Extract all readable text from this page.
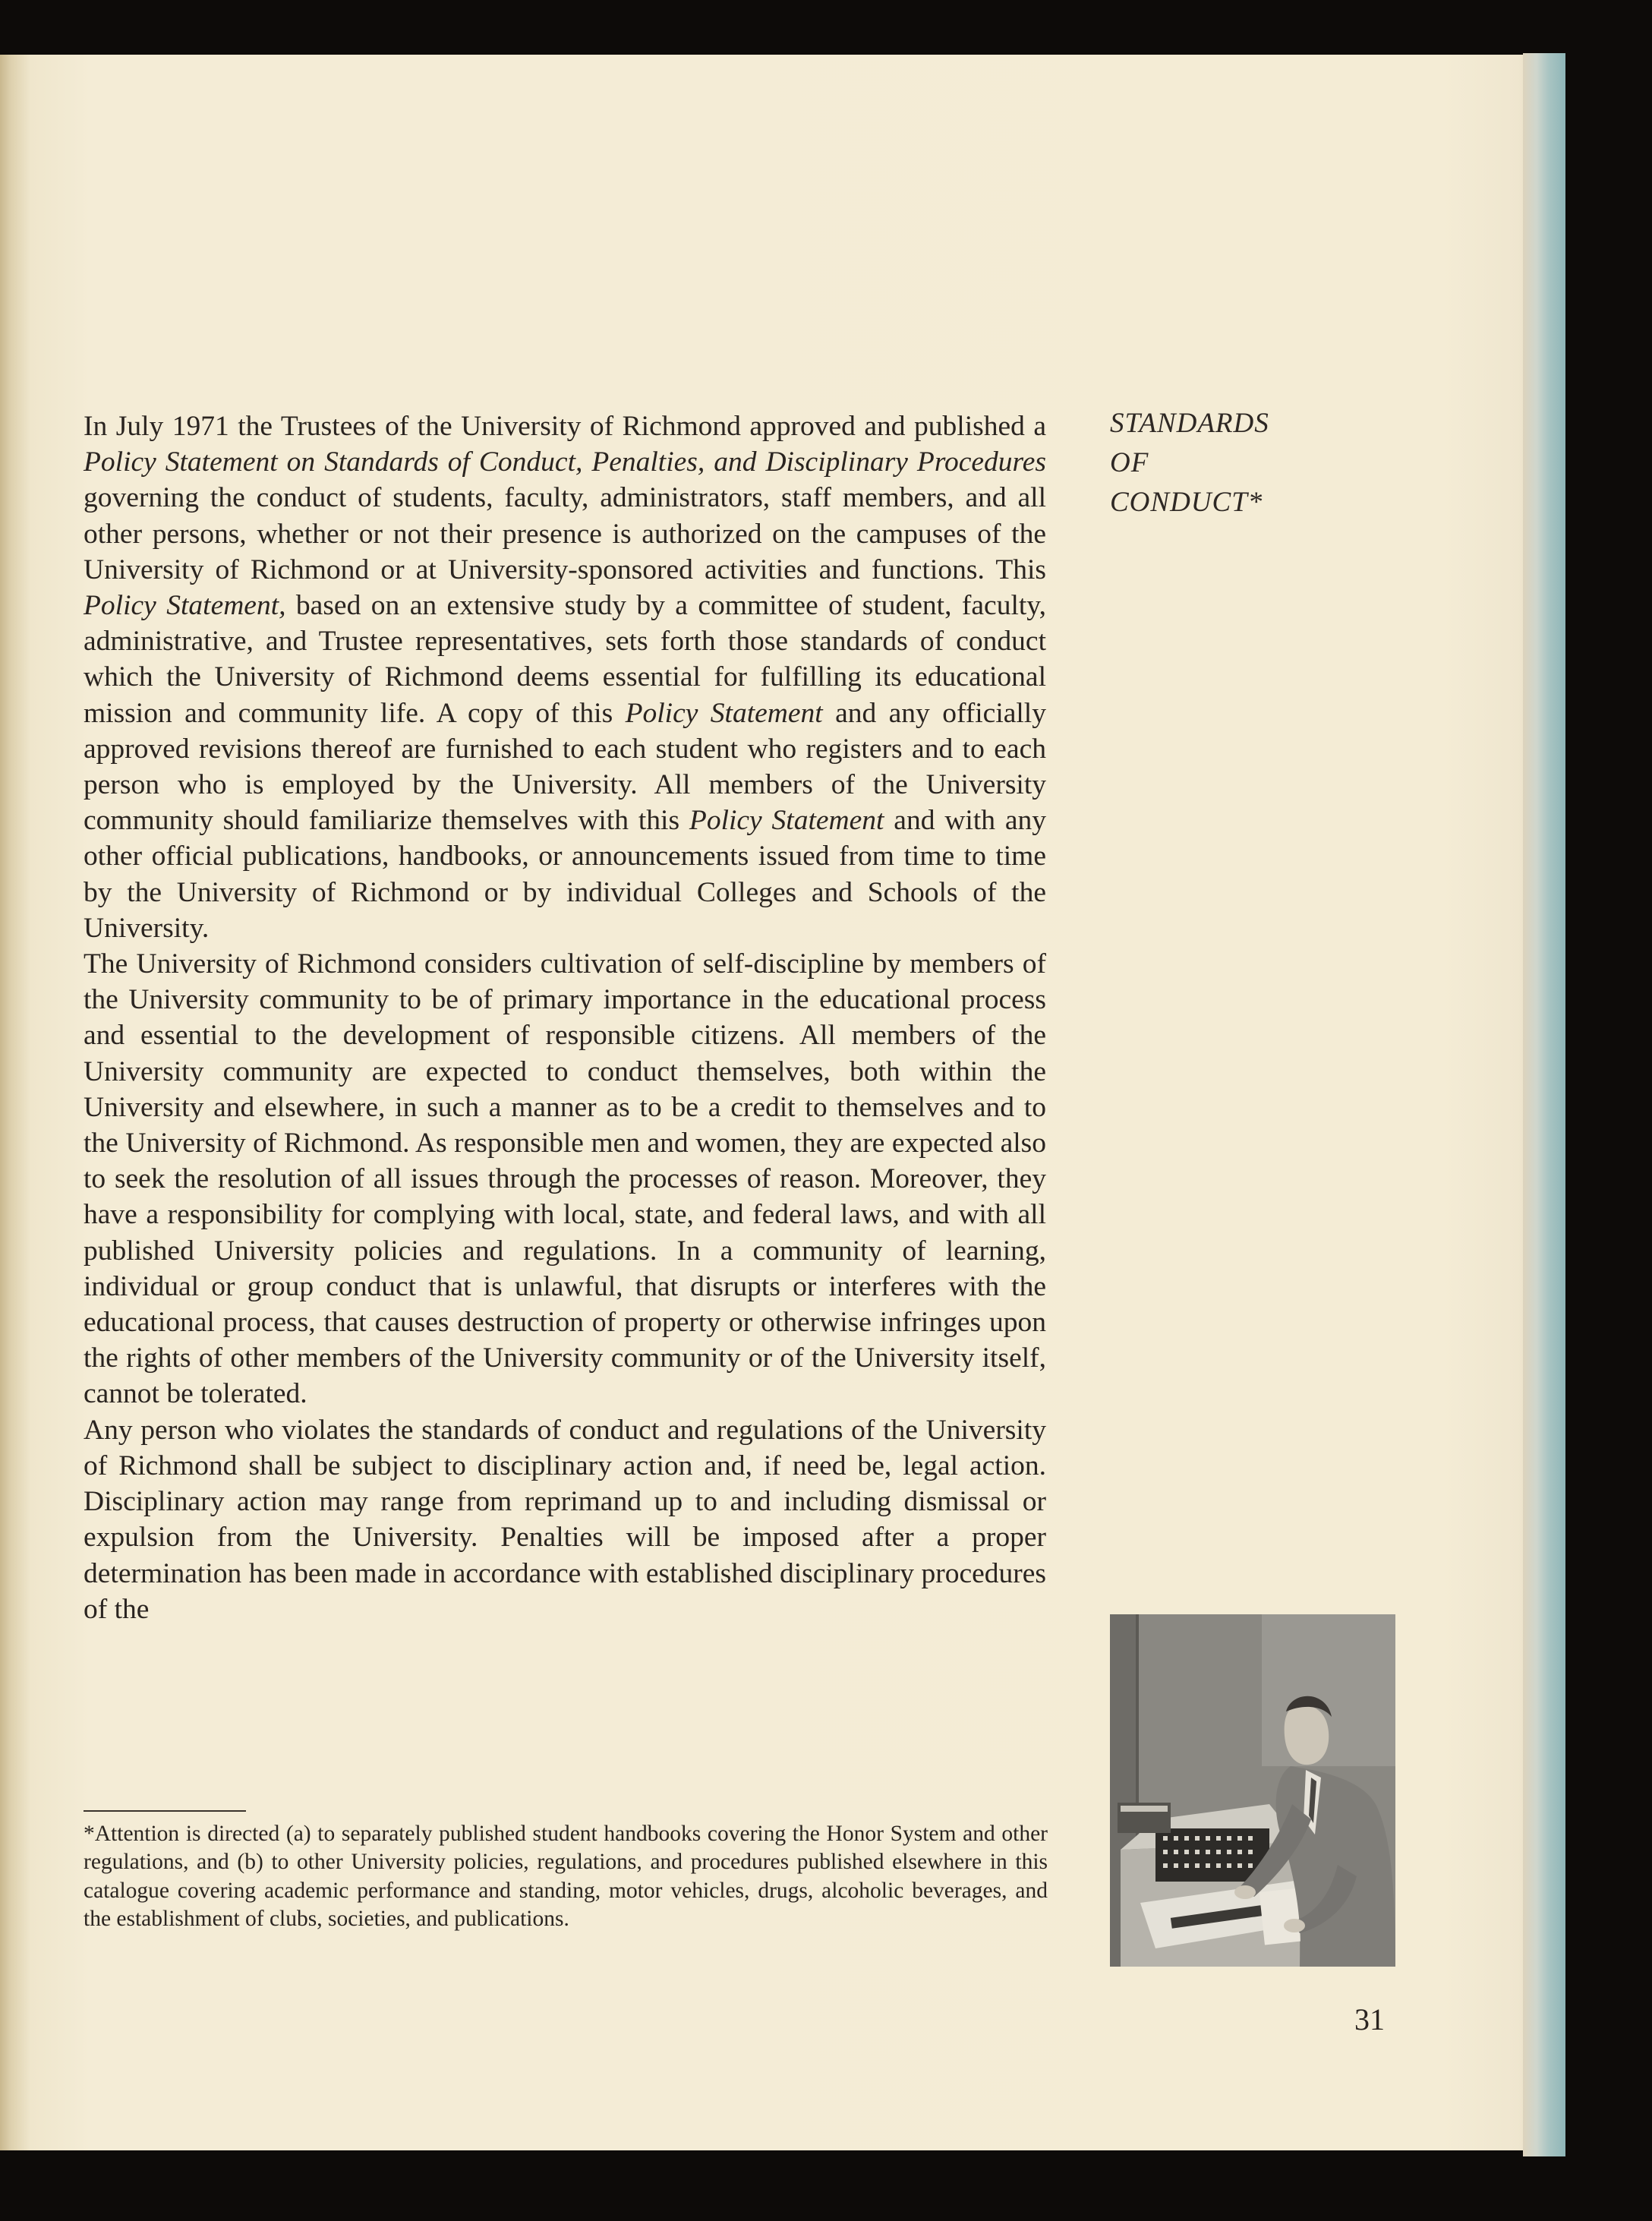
In July 1971 the Trustees of the University of Richmond approved and published a Policy Statement on Standards of Conduct, Penalties, and Disciplinary Procedures governing the conduct of students, faculty, administrators, staff members, and all other persons, whether or not their presence is authorized on the campuses of the University of Richmond or at University-sponsored activities and functions. This Policy Statement, based on an extensive study by a committee of student, faculty, administrative, and Trustee representatives, sets forth those standards of conduct which the University of Richmond deems essential for fulfilling its educational mission and community life. A copy of this Policy Statement and any officially approved revisions thereof are furnished to each student who registers and to each person who is employed by the University. All members of the University community should familiarize themselves with this Policy Statement and with any other official publications, handbooks, or announcements issued from time to time by the University of Richmond or by individual Colleges and Schools of the University.

The University of Richmond considers cultivation of self-discipline by members of the University community to be of primary importance in the educational process and essential to the development of responsible citizens. All members of the University community are expected to conduct themselves, both within the University and elsewhere, in such a manner as to be a credit to themselves and to the University of Richmond. As responsible men and women, they are expected also to seek the resolution of all issues through the processes of reason. Moreover, they have a responsibility for complying with local, state, and federal laws, and with all published University policies and regulations. In a community of learning, individual or group conduct that is unlawful, that disrupts or interferes with the educational process, that causes destruction of property or otherwise infringes upon the rights of other members of the University community or of the University itself, cannot be tolerated.

Any person who violates the standards of conduct and regulations of the University of Richmond shall be subject to disciplinary action and, if need be, legal action. Disciplinary action may range from reprimand up to and including dismissal or expulsion from the University. Penalties will be imposed after a proper determination has been made in accordance with established disciplinary procedures of the

STANDARDS
OF
CONDUCT*
*Attention is directed (a) to separately published student handbooks covering the Honor System and other regulations, and (b) to other University policies, regulations, and procedures published elsewhere in this catalogue covering academic performance and standing, motor vehicles, drugs, alcoholic beverages, and the establishment of clubs, societies, and publications.
31
